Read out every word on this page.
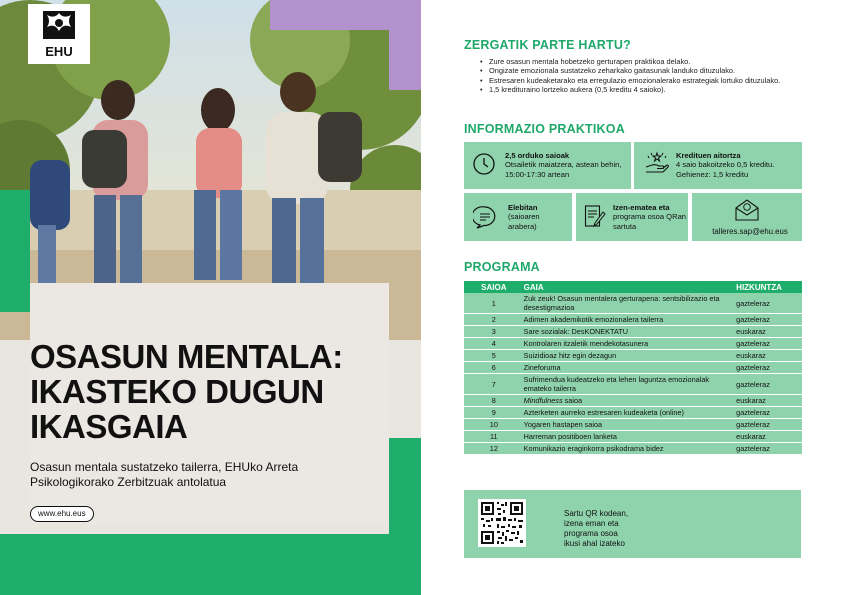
EHU
OSASUN MENTALA:
IKASTEKO DUGUN
IKASGAIA
Osasun mentala sustatzeko tailerra, EHUko Arreta Psikologikorako Zerbitzuak antolatua
www.ehu.eus
ZERGATIK PARTE HARTU?
• Zure osasun mentala hobetzeko gerturapen praktikoa delako.
• Ongizate emozionala sustatzeko zeharkako gaitasunak landuko dituzulako.
• Estresaren kudeaketarako eta erregulazio emozionalerako estrategiak lortuko dituzulako.
• 1,5 kredituraino lortzeko aukera (0,5 kreditu 4 saioko).
INFORMAZIO PRAKTIKOA
2,5 orduko saioak
Otsailetik maiatzera, astean behin, 15:00-17:30 artean
Kredituen aitortza
4 saio bakoitzeko 0,5 kreditu. Gehienez: 1,5 kreditu
Elebitan
(saioaren arabera)
Izen-ematea eta
programa osoa QRan sartuta
talleres.sap@ehu.eus
PROGRAMA
SAIOA	GAIA	HIZKUNTZA
1	Zuk zeuk! Osasun mentalera gerturapena: sentsibilizazio eta desestigmazioa	gazteleraz
2	Adimen akademikotik emozionalera tailerra	gazteleraz
3	Sare sozialak: DesKONEKTATU	euskaraz
4	Kontrolaren itzaletik mendekotasunera	gazteleraz
5	Suizidioaz hitz egin dezagun	euskaraz
6	Zineforuma	gazteleraz
7	Sufrimendua kudeatzeko eta lehen laguntza emozionalak emateko tailerra	gazteleraz
8	Mindfulness saioa	euskaraz
9	Azterketen aurreko estresaren kudeaketa (online)	gazteleraz
10	Yogaren hastapen saioa	gazteleraz
11	Harreman positiboen lanketa	euskaraz
12	Komunikazio eraginkorra psikodrama bidez	gazteleraz
Sartu QR kodean,
izena eman eta
programa osoa
ikusi ahal izateko
